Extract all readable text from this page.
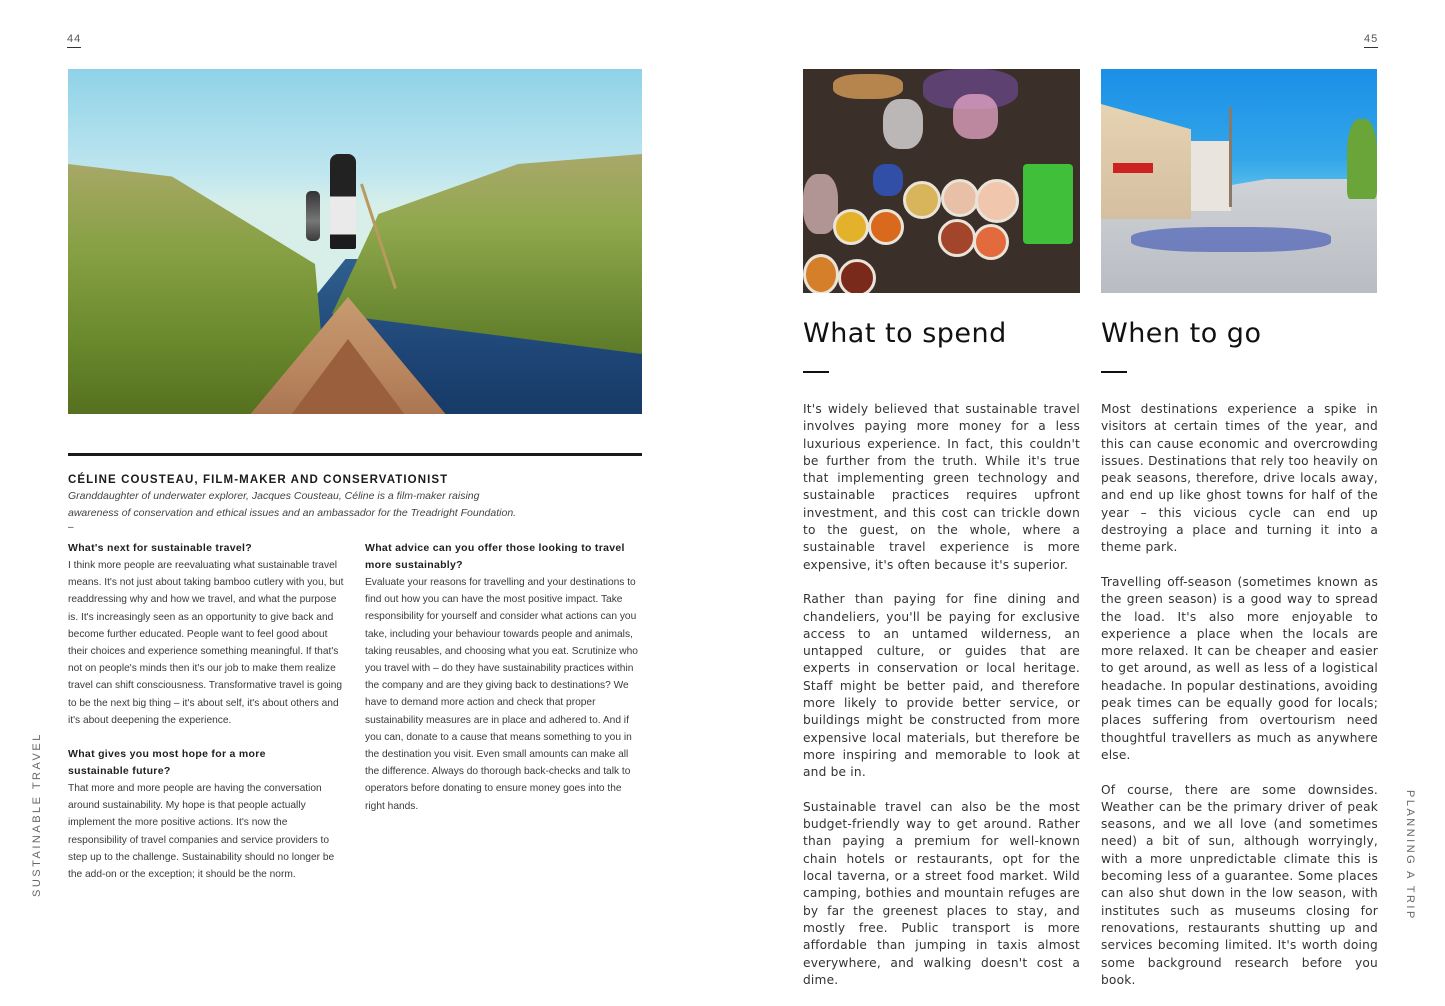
44
SUSTAINABLE TRAVEL
CÉLINE COUSTEAU, FILM-MAKER AND CONSERVATIONIST
Granddaughter of underwater explorer, Jacques Cousteau, Céline is a film-maker raising
awareness of conservation and ethical issues and an ambassador for the Treadright Foundation.
–
What's next for sustainable travel?
I think more people are reevaluating what sustainable travel means. It's not just about taking bamboo cutlery with you, but readdressing why and how we travel, and what the purpose is. It's increasingly seen as an opportunity to give back and become further educated. People want to feel good about their choices and experience something meaningful. If that's not on people's minds then it's our job to make them realize travel can shift consciousness. Transformative travel is going to be the next big thing – it's about self, it's about others and it's about deepening the experience.
What gives you most hope for a more sustainable future?
That more and more people are having the conversation around sustainability. My hope is that people actually implement the more positive actions. It's now the responsibility of travel companies and service providers to step up to the challenge. Sustainability should no longer be the add-on or the exception; it should be the norm.
What advice can you offer those looking to travel more sustainably?
Evaluate your reasons for travelling and your destinations to find out how you can have the most positive impact. Take responsibility for yourself and consider what actions can you take, including your behaviour towards people and animals, taking reusables, and choosing what you eat. Scrutinize who you travel with – do they have sustainability practices within the company and are they giving back to destinations? We have to demand more action and check that proper sustainability measures are in place and adhered to. And if you can, donate to a cause that means something to you in the destination you visit. Even small amounts can make all the difference. Always do thorough back-checks and talk to operators before donating to ensure money goes into the right hands.
45
PLANNING A TRIP
What to spend

It's widely believed that sustainable travel involves paying more money for a less luxurious experience. In fact, this couldn't be further from the truth. While it's true that implementing green technology and sustainable practices requires upfront investment, and this cost can trickle down to the guest, on the whole, where a sustainable travel experience is more expensive, it's often because it's superior.

Rather than paying for fine dining and chandeliers, you'll be paying for exclusive access to an untamed wilderness, an untapped culture, or guides that are experts in conservation or local heritage. Staff might be better paid, and therefore more likely to provide better service, or buildings might be constructed from more expensive local materials, but therefore be more inspiring and memorable to look at and be in.

Sustainable travel can also be the most budget-friendly way to get around. Rather than paying a premium for well-known chain hotels or restaurants, opt for the local taverna, or a street food market. Wild camping, bothies and mountain refuges are by far the greenest places to stay, and mostly free. Public transport is more affordable than jumping in taxis almost everywhere, and walking doesn't cost a dime.

When to go

Most destinations experience a spike in visitors at certain times of the year, and this can cause economic and overcrowding issues. Destinations that rely too heavily on peak seasons, therefore, drive locals away, and end up like ghost towns for half of the year – this vicious cycle can end up destroying a place and turning it into a theme park.

Travelling off-season (sometimes known as the green season) is a good way to spread the load. It's also more enjoyable to experience a place when the locals are more relaxed. It can be cheaper and easier to get around, as well as less of a logistical headache. In popular destinations, avoiding peak times can be equally good for locals; places suffering from overtourism need thoughtful travellers as much as anywhere else.

Of course, there are some downsides. Weather can be the primary driver of peak seasons, and we all love (and sometimes need) a bit of sun, although worryingly, with a more unpredictable climate this is becoming less of a guarantee. Some places can also shut down in the low season, with institutes such as museums closing for renovations, restaurants shutting up and services becoming limited. It's worth doing some background research before you book.
